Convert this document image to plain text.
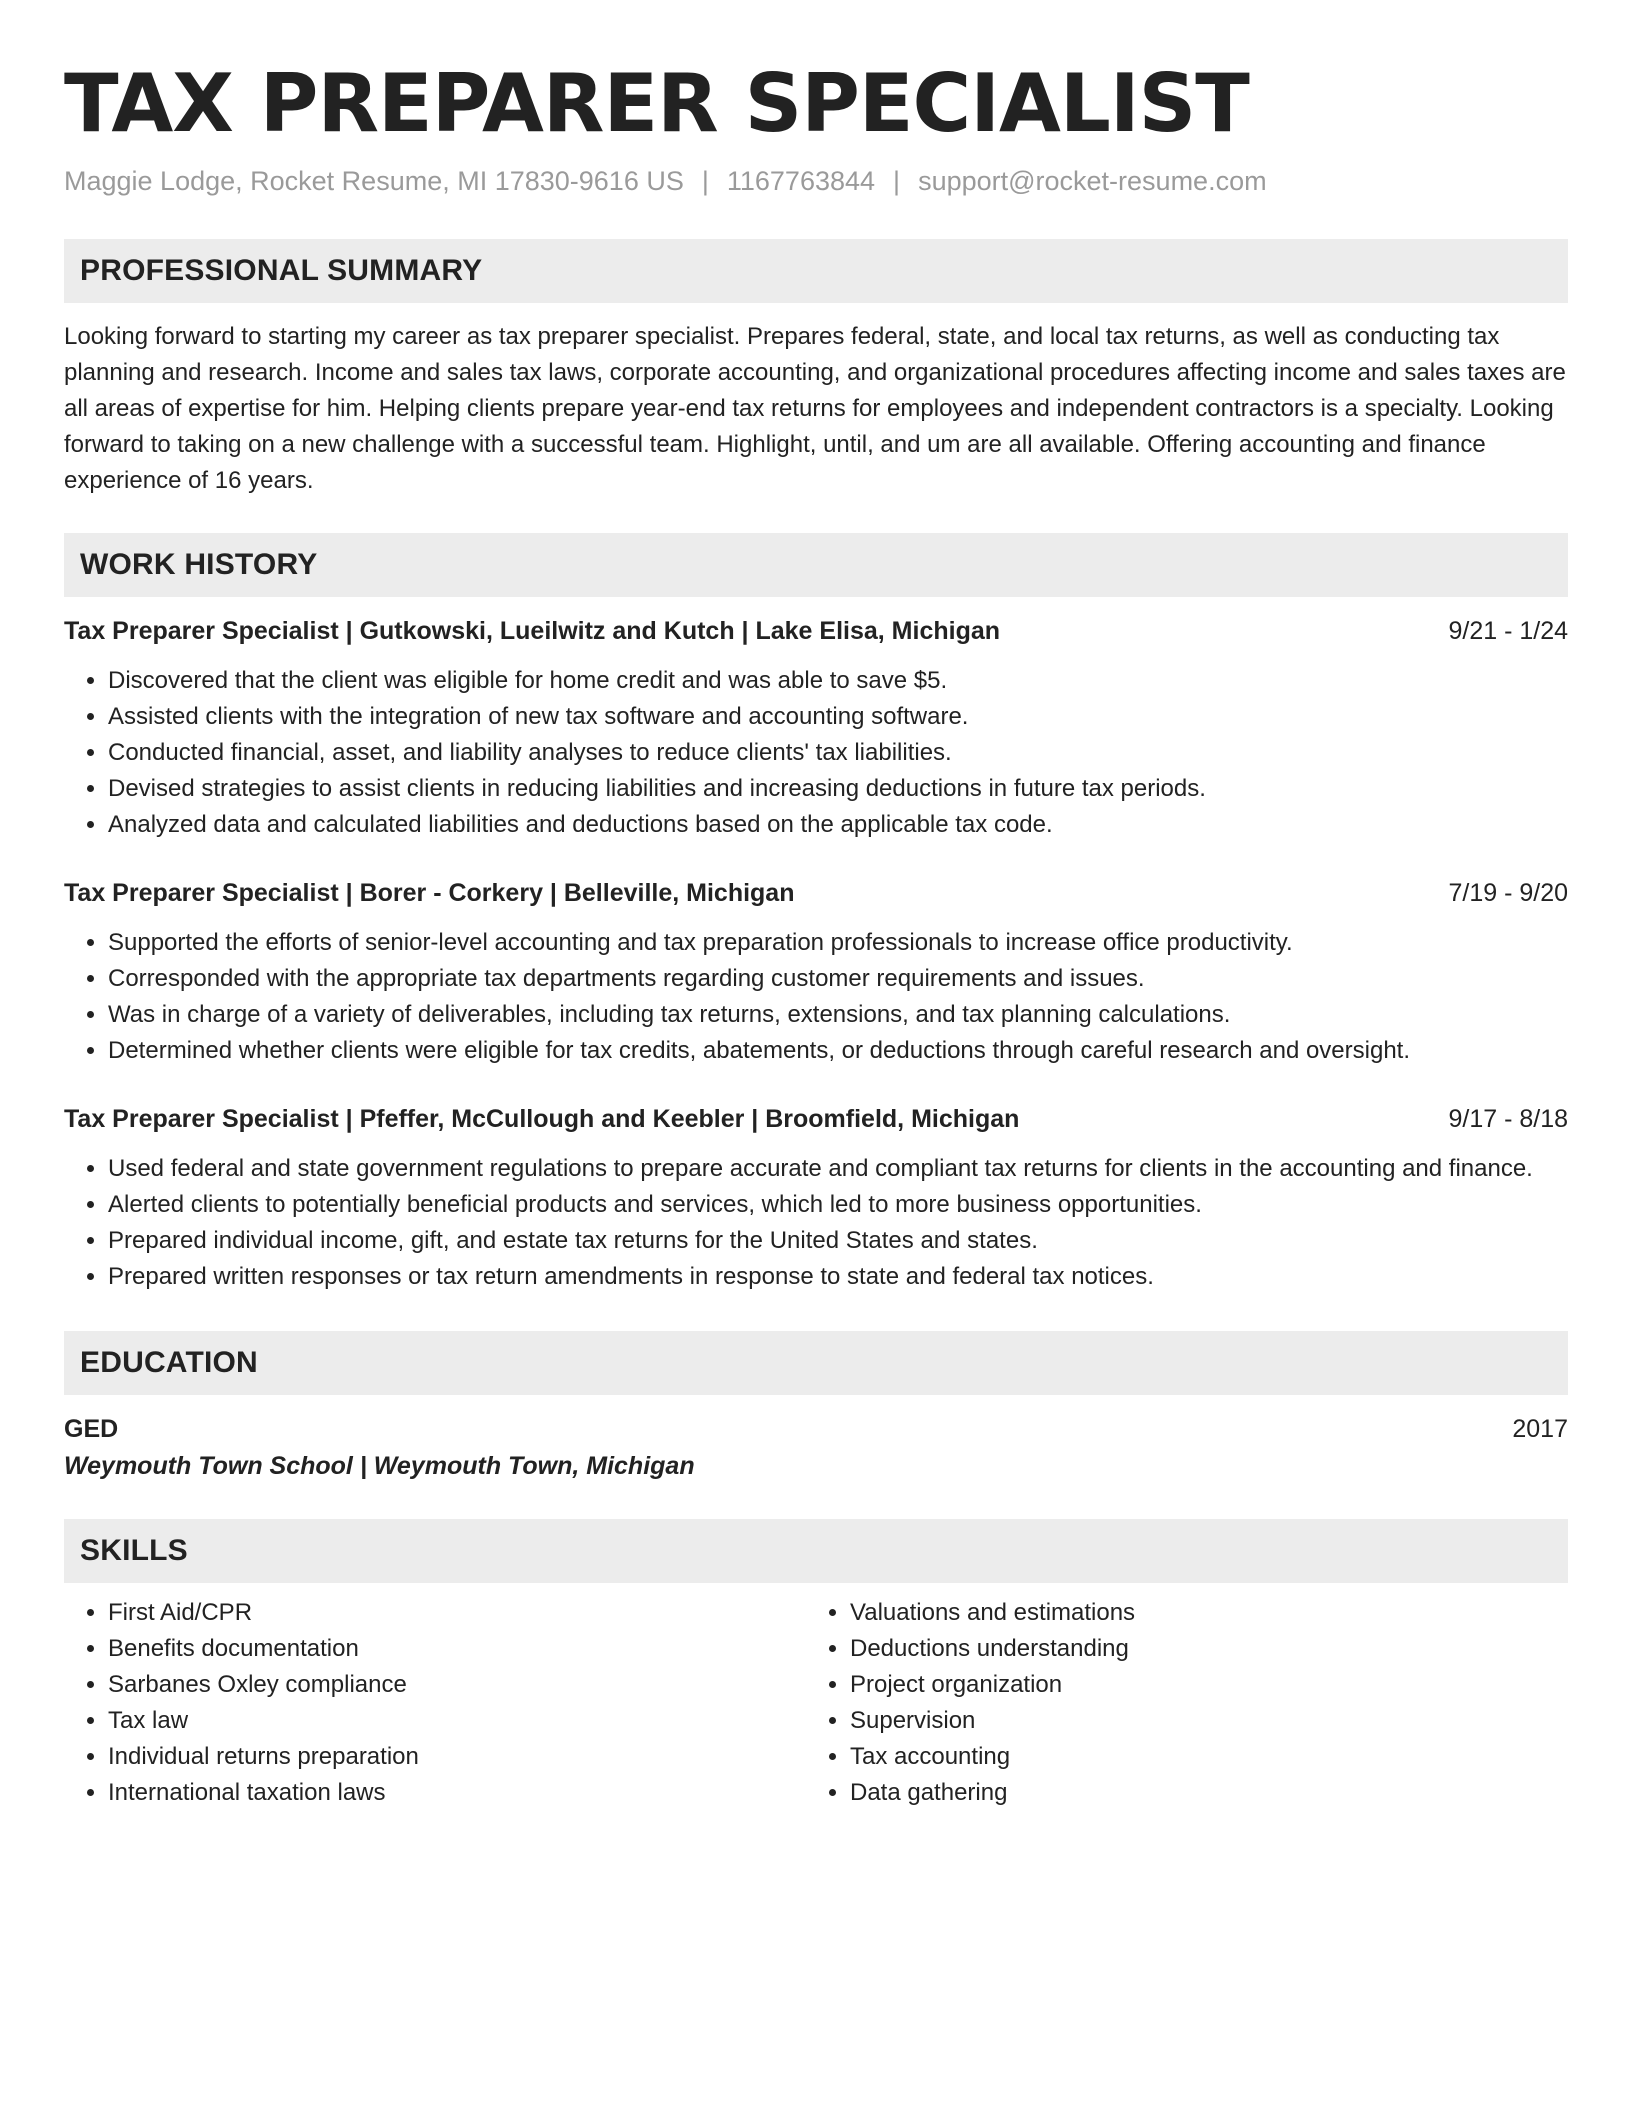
TAX PREPARER SPECIALIST
Maggie Lodge, Rocket Resume, MI 17830-9616 US | 1167763844 | support@rocket-resume.com
PROFESSIONAL SUMMARY
Looking forward to starting my career as tax preparer specialist. Prepares federal, state, and local tax returns, as well as conducting tax planning and research. Income and sales tax laws, corporate accounting, and organizational procedures affecting income and sales taxes are all areas of expertise for him. Helping clients prepare year-end tax returns for employees and independent contractors is a specialty. Looking forward to taking on a new challenge with a successful team. Highlight, until, and um are all available. Offering accounting and finance experience of 16 years.
WORK HISTORY
Tax Preparer Specialist | Gutkowski, Lueilwitz and Kutch | Lake Elisa, Michigan	9/21 - 1/24
• Discovered that the client was eligible for home credit and was able to save $5.
• Assisted clients with the integration of new tax software and accounting software.
• Conducted financial, asset, and liability analyses to reduce clients' tax liabilities.
• Devised strategies to assist clients in reducing liabilities and increasing deductions in future tax periods.
• Analyzed data and calculated liabilities and deductions based on the applicable tax code.
Tax Preparer Specialist | Borer - Corkery | Belleville, Michigan	7/19 - 9/20
• Supported the efforts of senior-level accounting and tax preparation professionals to increase office productivity.
• Corresponded with the appropriate tax departments regarding customer requirements and issues.
• Was in charge of a variety of deliverables, including tax returns, extensions, and tax planning calculations.
• Determined whether clients were eligible for tax credits, abatements, or deductions through careful research and oversight.
Tax Preparer Specialist | Pfeffer, McCullough and Keebler | Broomfield, Michigan	9/17 - 8/18
• Used federal and state government regulations to prepare accurate and compliant tax returns for clients in the accounting and finance.
• Alerted clients to potentially beneficial products and services, which led to more business opportunities.
• Prepared individual income, gift, and estate tax returns for the United States and states.
• Prepared written responses or tax return amendments in response to state and federal tax notices.
EDUCATION
GED	2017
Weymouth Town School | Weymouth Town, Michigan
SKILLS
• First Aid/CPR
• Benefits documentation
• Sarbanes Oxley compliance
• Tax law
• Individual returns preparation
• International taxation laws
• Valuations and estimations
• Deductions understanding
• Project organization
• Supervision
• Tax accounting
• Data gathering
